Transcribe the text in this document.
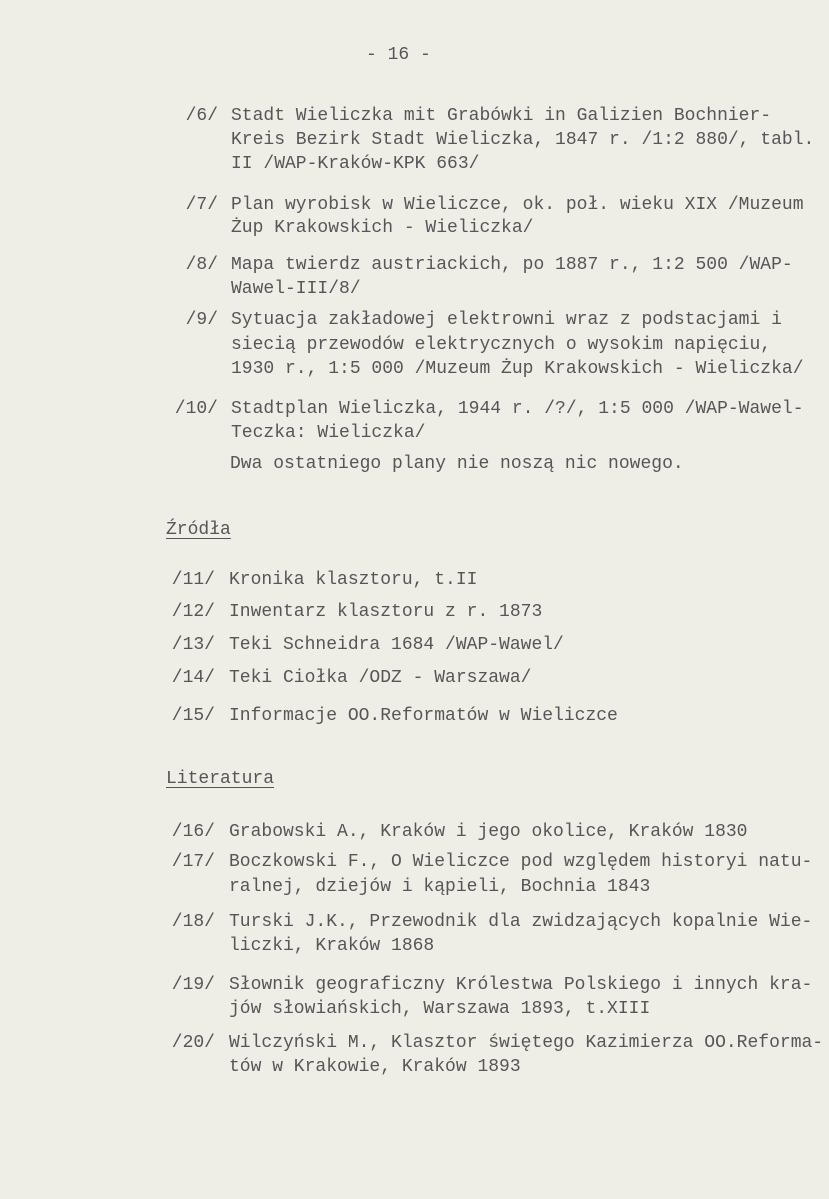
- 16 -
Dwa ostatniego plany nie noszą nic nowego.
Źródła
Literatura
/6/ Stadt Wieliczka mit Grabówki in Galizien Bochnier-
Kreis Bezirk Stadt Wieliczka, 1847 r. /1:2 880/, tabl.
II /WAP-Kraków-KPK 663/
/7/ Plan wyrobisk w Wieliczce, ok. poł. wieku XIX /Muzeum
Żup Krakowskich - Wieliczka/
/8/ Mapa twierdz austriackich, po 1887 r., 1:2 500 /WAP-
Wawel-III/8/
/9/ Sytuacja zakładowej elektrowni wraz z podstacjami i
siecią przewodów elektrycznych o wysokim napięciu,
1930 r., 1:5 000 /Muzeum Żup Krakowskich - Wieliczka/
/10/ Stadtplan Wieliczka, 1944 r. /?/, 1:5 000 /WAP-Wawel-
Teczka: Wieliczka/
/11/ Kronika klasztoru, t.II
/12/ Inwentarz klasztoru z r. 1873
/13/ Teki Schneidra 1684 /WAP-Wawel/
/14/ Teki Ciołka /ODZ - Warszawa/
/15/ Informacje OO.Reformatów w Wieliczce
/16/ Grabowski A., Kraków i jego okolice, Kraków 1830
/17/ Boczkowski F., O Wieliczce pod względem historyi natu-
ralnej, dziejów i kąpieli, Bochnia 1843
/18/ Turski J.K., Przewodnik dla zwidzających kopalnie Wie-
liczki, Kraków 1868
/19/ Słownik geograficzny Królestwa Polskiego i innych kra-
jów słowiańskich, Warszawa 1893, t.XIII
/20/ Wilczyński M., Klasztor świętego Kazimierza OO.Reforma-
tów w Krakowie, Kraków 1893
